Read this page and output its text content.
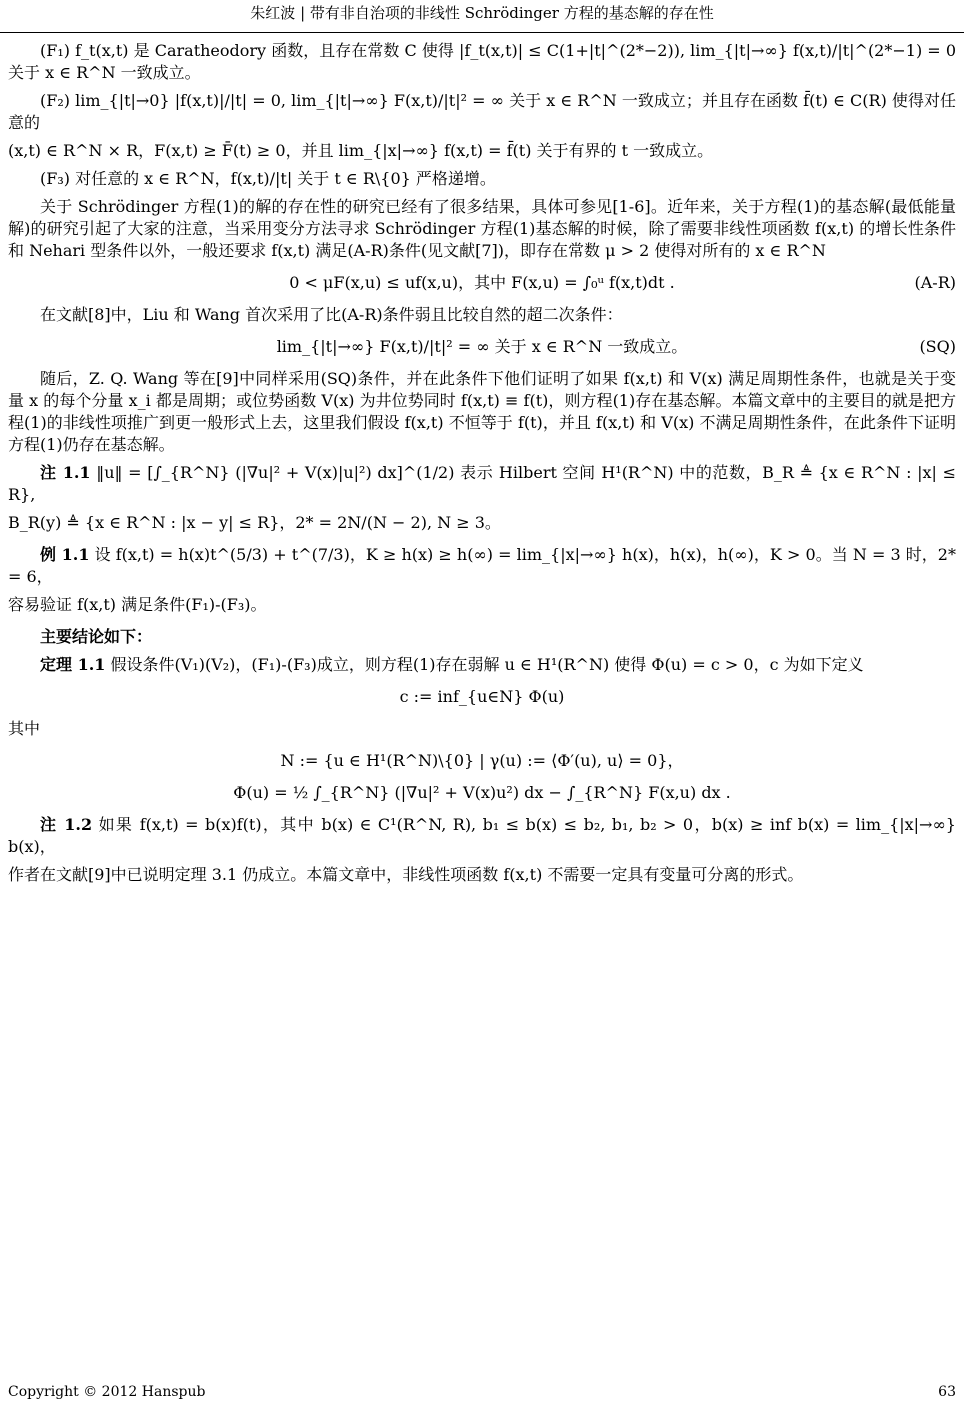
朱红波 | 带有非自治项的非线性 Schrödinger 方程的基态解的存在性

(F₁) f_t(x,t) 是 Caratheodory 函数，且存在常数 C 使得 |f_t(x,t)| ≤ C(1+|t|^(2*−2)), lim_{|t|→∞} f(x,t)/|t|^(2*−1) = 0 关于 x ∈ R^N 一致成立。

(F₂) lim_{|t|→0} |f(x,t)|/|t| = 0, lim_{|t|→∞} F(x,t)/|t|² = ∞ 关于 x ∈ R^N 一致成立；并且存在函数 f̄(t) ∈ C(R) 使得对任意的

(x,t) ∈ R^N × R，F(x,t) ≥ F̄(t) ≥ 0，并且 lim_{|x|→∞} f(x,t) = f̄(t) 关于有界的 t 一致成立。

(F₃) 对任意的 x ∈ R^N，f(x,t)/|t| 关于 t ∈ R\{0} 严格递增。

关于 Schrödinger 方程(1)的解的存在性的研究已经有了很多结果，具体可参见[1-6]。近年来，关于方程(1)的基态解(最低能量解)的研究引起了大家的注意，当采用变分方法寻求 Schrödinger 方程(1)基态解的时候，除了需要非线性项函数 f(x,t) 的增长性条件和 Nehari 型条件以外，一般还要求 f(x,t) 满足(A-R)条件(见文献[7])，即存在常数 μ > 2 使得对所有的 x ∈ R^N

0 < μF(x,u) ≤ uf(x,u)，其中 F(x,u) = ∫₀ᵘ f(x,t)dt .	(A-R)

在文献[8]中，Liu 和 Wang 首次采用了比(A-R)条件弱且比较自然的超二次条件：

lim_{|t|→∞} F(x,t)/|t|² = ∞ 关于 x ∈ R^N 一致成立。	(SQ)

随后，Z. Q. Wang 等在[9]中同样采用(SQ)条件，并在此条件下他们证明了如果 f(x,t) 和 V(x) 满足周期性条件，也就是关于变量 x 的每个分量 x_i 都是周期；或位势函数 V(x) 为井位势同时 f(x,t) ≡ f(t)，则方程(1)存在基态解。本篇文章中的主要目的就是把方程(1)的非线性项推广到更一般形式上去，这里我们假设 f(x,t) 不恒等于 f(t)，并且 f(x,t) 和 V(x) 不满足周期性条件，在此条件下证明方程(1)仍存在基态解。

注 1.1 ‖u‖ = [∫_{R^N} (|∇u|² + V(x)|u|²) dx]^(1/2) 表示 Hilbert 空间 H¹(R^N) 中的范数，B_R ≜ {x ∈ R^N : |x| ≤ R},

B_R(y) ≜ {x ∈ R^N : |x − y| ≤ R}，2* = 2N/(N − 2), N ≥ 3。

例 1.1 设 f(x,t) = h(x)t^(5/3) + t^(7/3)，K ≥ h(x) ≥ h(∞) = lim_{|x|→∞} h(x)，h(x)，h(∞)，K > 0。当 N = 3 时，2* = 6，

容易验证 f(x,t) 满足条件(F₁)-(F₃)。

主要结论如下：

定理 1.1 假设条件(V₁)(V₂)，(F₁)-(F₃)成立，则方程(1)存在弱解 u ∈ H¹(R^N) 使得 Φ(u) = c > 0，c 为如下定义

c := inf_{u∈N} Φ(u)

其中

N := {u ∈ H¹(R^N)\{0} | γ(u) := ⟨Φ′(u), u⟩ = 0}，
Φ(u) = ½ ∫_{R^N} (|∇u|² + V(x)u²) dx − ∫_{R^N} F(x,u) dx .

注 1.2 如果 f(x,t) = b(x)f(t)，其中 b(x) ∈ C¹(R^N, R), b₁ ≤ b(x) ≤ b₂, b₁, b₂ > 0，b(x) ≥ inf b(x) = lim_{|x|→∞} b(x)，

作者在文献[9]中已说明定理 3.1 仍成立。本篇文章中，非线性项函数 f(x,t) 不需要一定具有变量可分离的形式。

Copyright © 2012 Hanspub	63
